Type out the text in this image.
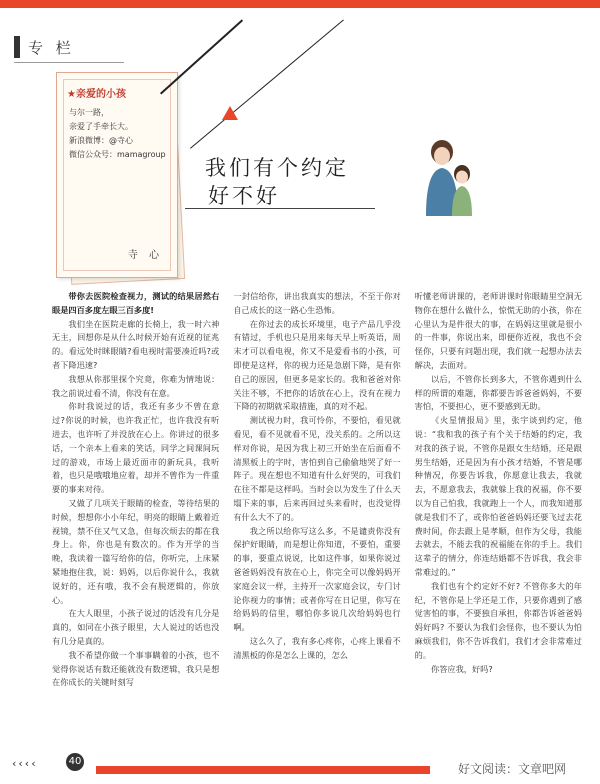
专 栏
★亲爱的小孩
与尔一路，
亲爱了手牵长大。
新浪微博：@寺心
微信公众号：mamagroup
寺 心
我们有个约定
好不好

带你去医院检查视力，测试的结果居然右眼是四百多度左眼三百多度!

我们坐在医院走廊的长椅上，我一时六神无主，回想你是从什么时候开始有近视的征兆的。看远处时眯眼睛?看电视时需要凑近吗?或者下降迅速?

我想从你那里探个究竟，你难为情地说：我之前说过看不清，你没有在意。

你时我说过的话，我还有多少不曾在意过?你说的时候，也许我正忙，也许我没有听进去，也许听了并没放在心上。你讲过的很多话，一个亲本上看来的笑话，同学之间课间玩过的游戏，市场上最近面市的新玩具，我听着，也只是哦哦地应着，却并不曾作为一件重要的事来对待。

又做了几项关于眼睛的检查，等待结果的时候，想想你小小年纪，明亮的眼睛上戴着近视镜，禁不住又气又急，但每次烦去的都在我身上。你，你也是有数次的。作为开学的当晚，我读着一篇写给你的信，你听完，上床紧紧地抱住我，说：妈妈，以后你说什么，我就说好的，还有哦，我不会有脱逻辑的，你放心。

在大人眼里，小孩子说过的话没有几分是真的，如同在小孩子眼里，大人说过的话也没有几分是真的。

我不希望你做一个事事瞒着的小孩，也不觉得你说话有数还能就没有数逻辑，我只是想在你成长的关键时刻写

一封信给你，讲出我真实的想法，不至于你对自己成长的这一路心生恐怖。

在你过去的成长环境里，电子产品几乎没有错过，手机也只是用来每天早上听英语，周末才可以看电视，你又不是爱看书的小孩，可即使是这样，你的视力还是急剧下降，是有你自己的原因，但更多是家长的。我和爸爸对你关注不够，不把你的话放在心上，没有在视力下降的初期就采取措施，真的对不起。

测试视力时，我可怜你，不要怕，看见就看见，看不见就看不见，没关系的。之所以这样对你说，是因为我上初三开始坐在后面看不清黑板上的字时，害怕到自己偷偷地哭了好一阵子。现在想也不知道有什么好哭的，可我们在往不都是这样吗。当时会以为发生了什么天塌下来的事，后来再回过头来看时，也没觉得有什么大不了的。

我之所以给你写这么多，不是谴责你没有保护好眼睛，而是想让你知道，不要怕，重要的事，要重点说说，比如这件事，如果你说过爸爸妈妈没有放在心上，你完全可以像妈妈开家庭会议一样，主持开一次家庭会议，专门讨论你视力的事情；或者你写在日记里，你写在给妈妈的信里，哪怕你多说几次给妈妈也行啊。

这么久了，我有多心疼你，心疼上课看不清黑板的你是怎么上课的，怎么

听懂老师讲课的，老师讲课时你眼睛里空洞无物你在想什么做什么，惊慌无助的小孩，你在心里认为是件很大的事，在妈妈这里就是很小的一件事，你说出来，即便你近视，我也不会怪你，只要有问题出现，我们就一起想办法去解决，去面对。

以后，不管你长到多大，不管你遇到什么样的所谓的难题，你都要告诉爸爸妈妈，不要害怕，不要担心，更不要感到无助。

《火星情报局》里，张宇谈到约定，他说：“我和我的孩子有个关于结婚的约定，我对我的孩子说，不管你是跟女生结婚，还是跟男生结婚，还是因为有小孩才结婚，不管是哪种情况，你要告诉我，你愿意让我去，我就去，不愿意我去，我就躲上我的祝福，你不要以为自己怕我，我就跑上一个人，而我知道那就是我们不了，或你怕爸爸妈妈还要飞过去花费时间，你去跟上是孝顺，但作为父母，我能去就去，不能去我的祝福能在你的手上。我们这辈子的情分，你连结婚都不告诉我，我会非常难过的。”

我们也有个约定好不好? 不管你多大的年纪，不管你是上学还是工作，只要你遇到了感觉害怕的事，不要独自承担，你都告诉爸爸妈妈好吗? 不要认为我们会怪你，也不要认为怕麻烦我们，你不告诉我们，我们才会非常难过的。

你答应我，好吗?

‹‹‹‹	40
好文阅读：文章吧网
